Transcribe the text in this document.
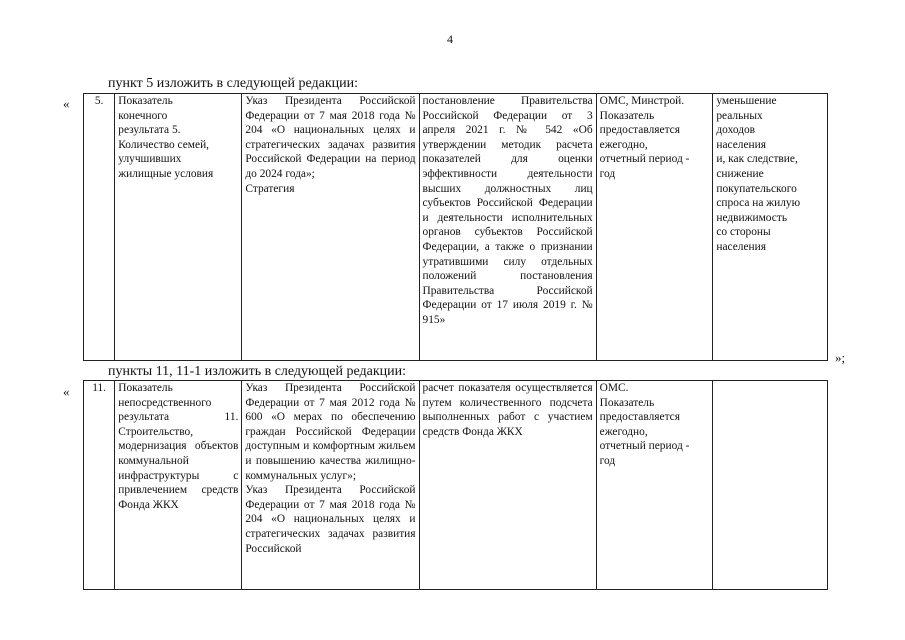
4
пункт 5 изложить в следующей редакции:
« 5.	Показатель
конечного
результата 5.
Количество семей,
улучшивших
жилищные условия

Указ Президента Российской Федерации от 7 мая 2018 года № 204 «О национальных целях и стратегических задачах развития Российской Федерации на период до 2024 года»;
Стратегия

постановление Правительства Российской Федерации от 3 апреля 2021 г. № 542 «Об утверждении методик расчета показателей для оценки эффективности деятельности высших должностных лиц субъектов Российской Федерации и деятельности исполнительных органов субъектов Российской Федерации, а также о признании утратившими силу отдельных положений постановления Правительства Российской Федерации от 17 июля 2019 г. № 915»

ОМС, Минстрой.
Показатель
предоставляется
ежегодно,
отчетный период -
год

уменьшение
реальных
доходов
населения
и, как следствие,
снижение
покупательского
спроса на жилую
недвижимость
со стороны
населения
»;
пункты 11, 11-1 изложить в следующей редакции:
« 11.	Показатель непосредственного результата 11. Строительство, модернизация объектов коммунальной инфраструктуры с привлечением средств Фонда ЖКХ

Указ Президента Российской Федерации от 7 мая 2012 года № 600 «О мерах по обеспечению граждан Российской Федерации доступным и комфортным жильем и повышению качества жилищно-коммунальных услуг»;
Указ Президента Российской Федерации от 7 мая 2018 года № 204 «О национальных целях и стратегических задачах развития Российской

расчет показателя осуществляется путем количественного подсчета выполненных работ с участием средств Фонда ЖКХ

ОМС.
Показатель
предоставляется
ежегодно,
отчетный период -
год
